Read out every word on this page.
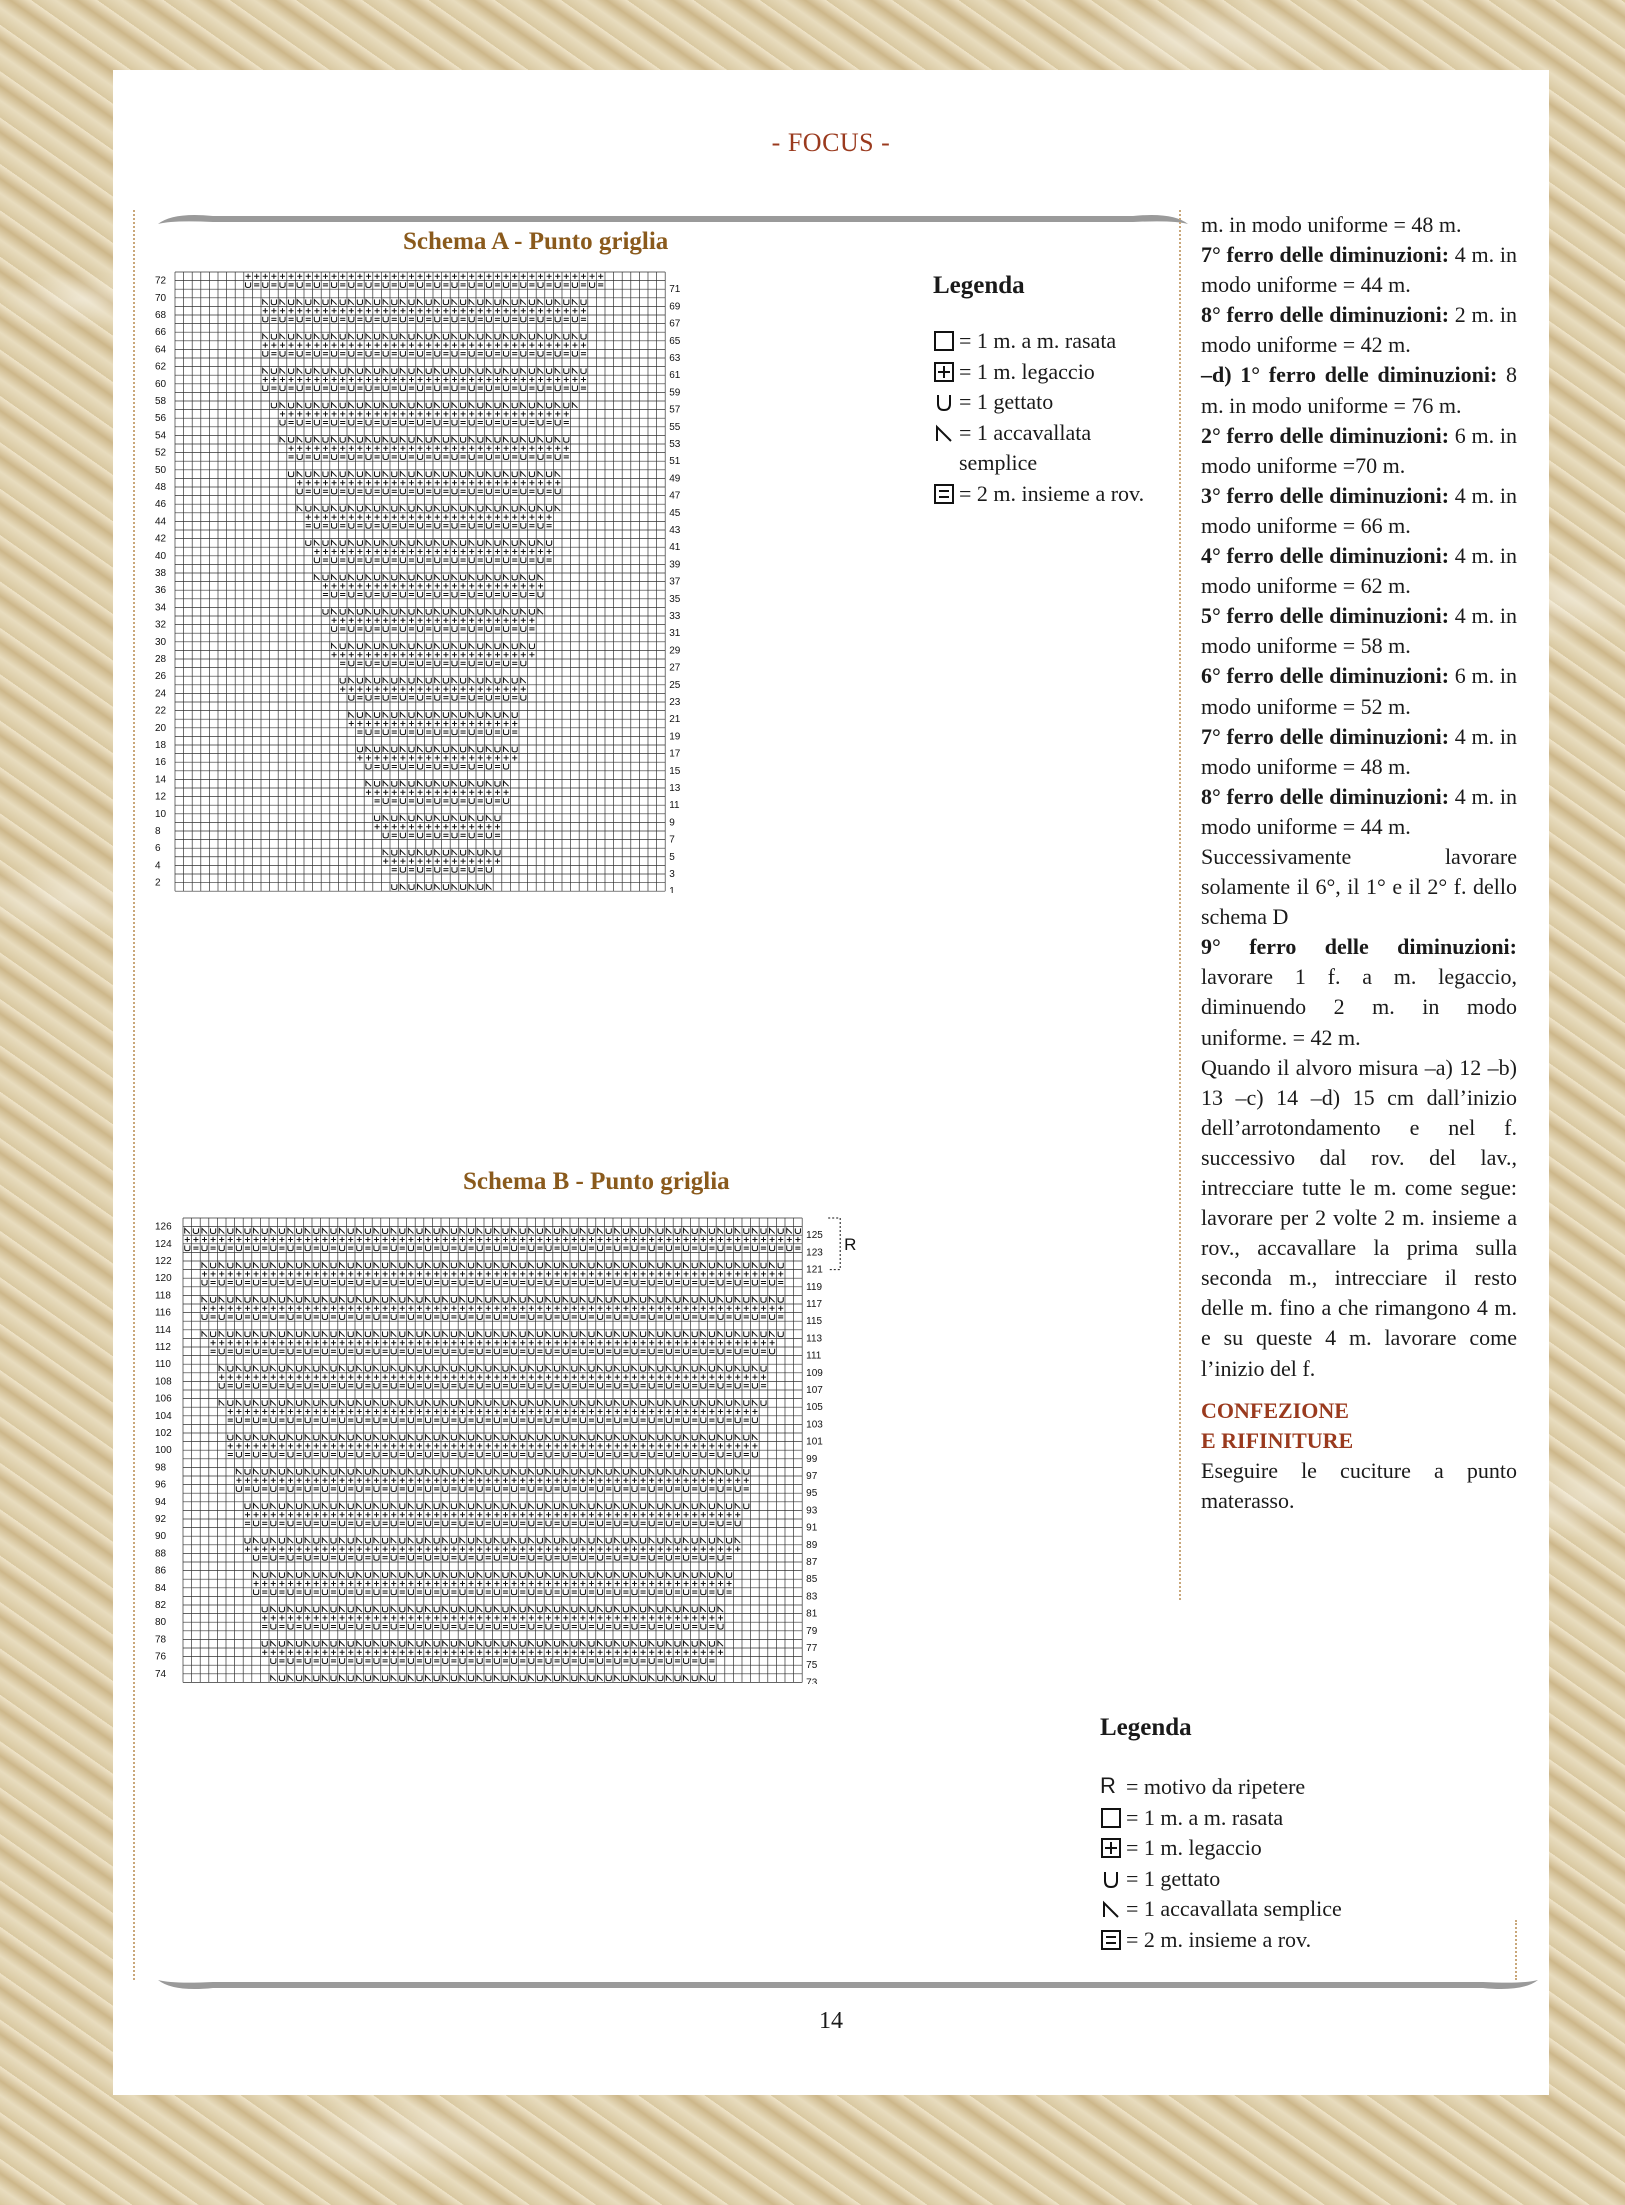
- FOCUS -
Schema A - Punto griglia
72
70
68
66
64
62
60
58
56
54
52
50
48
46
44
42
40
38
36
34
32
30
28
26
24
22
20
18
16
14
12
10
8
6
4
2
71
69
67
65
63
61
59
57
55
53
51
49
47
45
43
41
39
37
35
33
31
29
27
25
23
21
19
17
15
13
11
9
7
5
3
1
Legenda
= 1 m. a m. rasata
= 1 m. legaccio
= 1 gettato
= 1 accavallata semplice
= 2 m. insieme a rov.
Schema B - Punto griglia
126
124
122
120
118
116
114
112
110
108
106
104
102
100
98
96
94
92
90
88
86
84
82
80
78
76
74
125
123
121
119
117
115
113
111
109
107
105
103
101
99
97
95
93
91
89
87
85
83
81
79
77
75
73
R
Legenda
R = motivo da ripetere
= 1 m. a m. rasata
= 1 m. legaccio
= 1 gettato
= 1 accavallata semplice
= 2 m. insieme a rov.

m. in modo uniforme = 48 m.

7° ferro delle diminuzioni: 4 m. in modo uniforme = 44 m.

8° ferro delle diminuzioni: 2 m. in modo uniforme = 42 m.

–d) 1° ferro delle diminuzioni: 8 m. in modo uniforme = 76 m.

2° ferro delle diminuzioni: 6 m. in modo uniforme =70 m.

3° ferro delle diminuzioni: 4 m. in modo uniforme = 66 m.

4° ferro delle diminuzioni: 4 m. in modo uniforme = 62 m.

5° ferro delle diminuzioni: 4 m. in modo uniforme = 58 m.

6° ferro delle diminuzioni: 6 m. in modo uniforme = 52 m.

7° ferro delle diminuzioni: 4 m. in modo uniforme = 48 m.

8° ferro delle diminuzioni: 4 m. in modo uniforme = 44 m.

Successivamente lavorare solamente il 6°, il 1° e il 2° f. dello schema D

9° ferro delle diminuzioni: lavorare 1 f. a m. legaccio, diminuendo 2 m. in modo uniforme. = 42 m.

Quando il alvoro misura –a) 12 –b) 13 –c) 14 –d) 15 cm dall’inizio dell’arrotondamento e nel f. successivo dal rov. del lav., intrecciare tutte le m. come segue: lavorare per 2 volte 2 m. insieme a rov., accavallare la prima sulla seconda m., intrecciare il resto delle m. fino a che rimangono 4 m. e su queste 4 m. lavorare come l’inizio del f.

CONFEZIONE
E RIFINITURE

Eseguire le cuciture a punto materasso.

14
